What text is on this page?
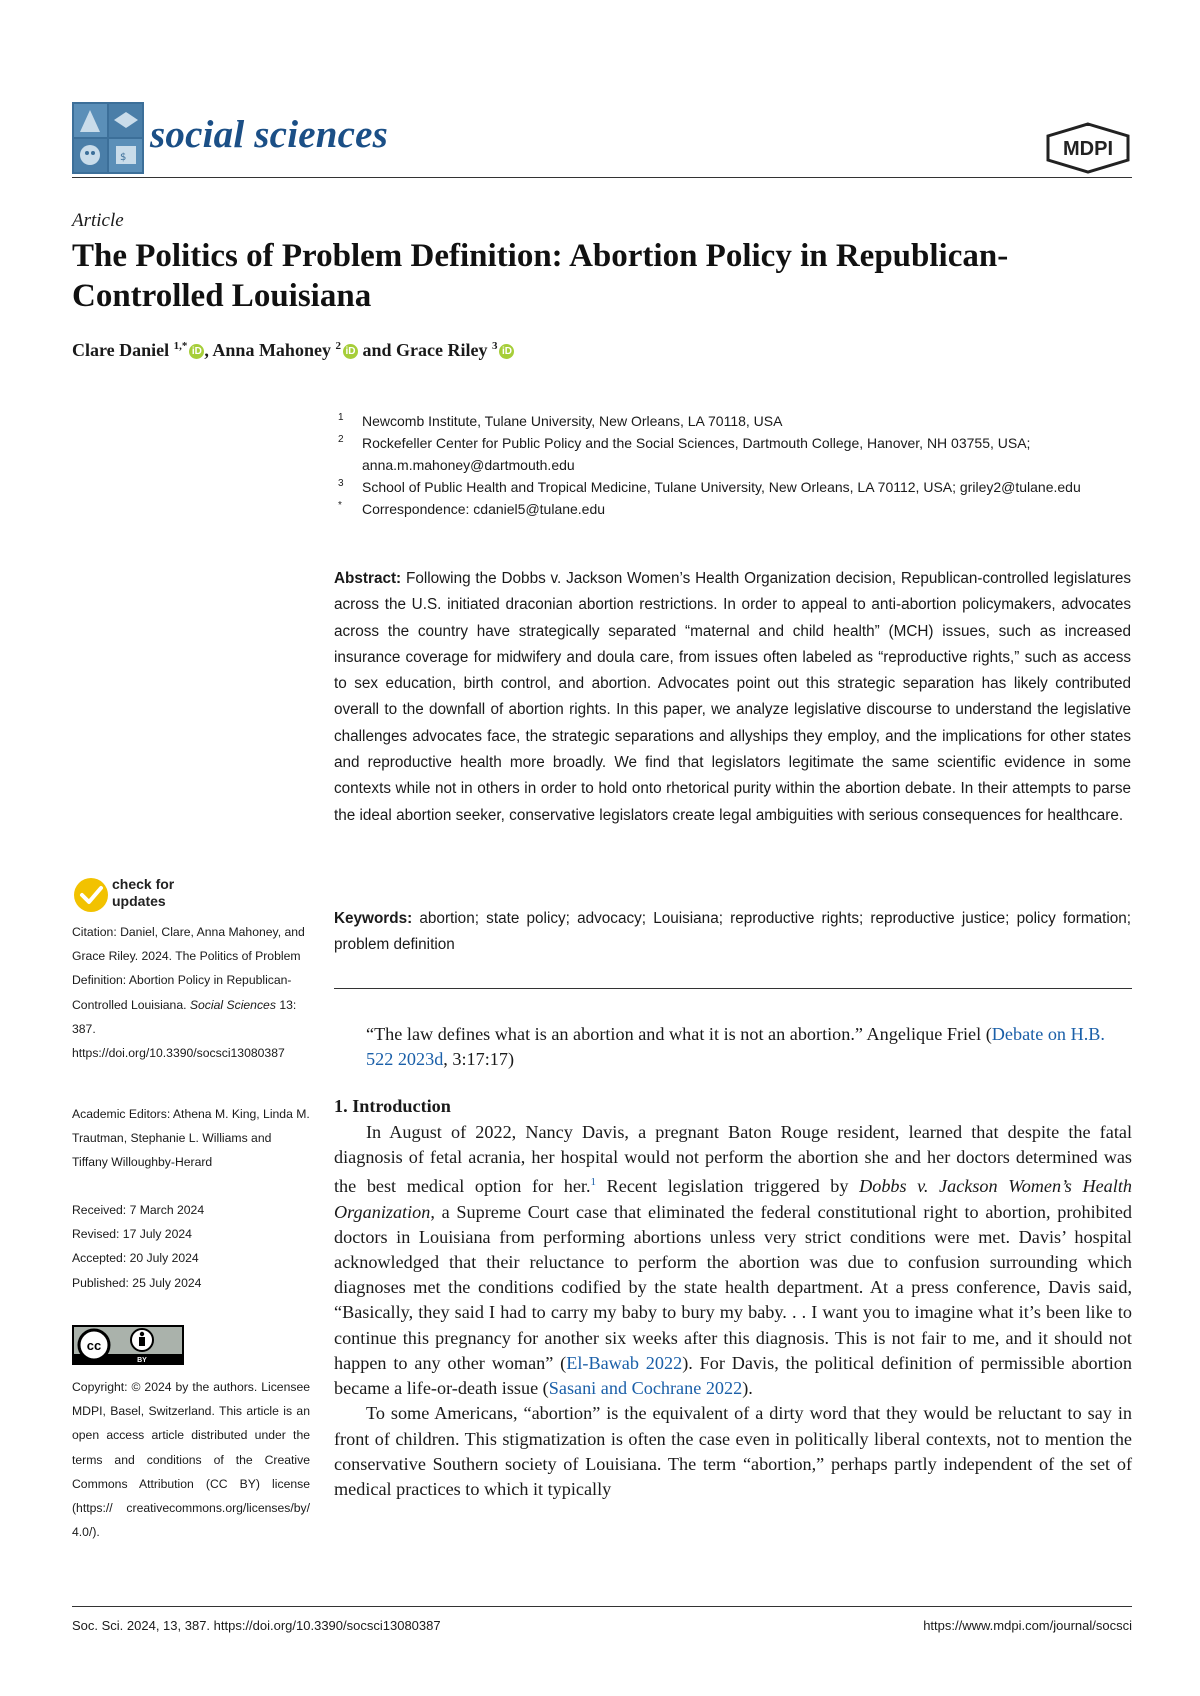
$
social sciences	MDPI
Article
The Politics of Problem Definition: Abortion Policy in Republican-Controlled Louisiana
Clare Daniel $^{1,*}$ iD , Anna Mahoney $^2$ iD and Grace Riley $^3$ iD
1 Newcomb Institute, Tulane University, New Orleans, LA 70118, USA
2 Rockefeller Center for Public Policy and the Social Sciences, Dartmouth College, Hanover, NH 03755, USA; anna.m.mahoney@dartmouth.edu
3 School of Public Health and Tropical Medicine, Tulane University, New Orleans, LA 70112, USA; griley2@tulane.edu
* Correspondence: cdaniel5@tulane.edu
Abstract: Following the Dobbs v. Jackson Women’s Health Organization decision, Republican-controlled legislatures across the U.S. initiated draconian abortion restrictions. In order to appeal to anti-abortion policymakers, advocates across the country have strategically separated “maternal and child health” (MCH) issues, such as increased insurance coverage for midwifery and doula care, from issues often labeled as “reproductive rights,” such as access to sex education, birth control, and abortion. Advocates point out this strategic separation has likely contributed overall to the downfall of abortion rights. In this paper, we analyze legislative discourse to understand the legislative challenges advocates face, the strategic separations and allyships they employ, and the implications for other states and reproductive health more broadly. We find that legislators legitimate the same scientific evidence in some contexts while not in others in order to hold onto rhetorical purity within the abortion debate. In their attempts to parse the ideal abortion seeker, conservative legislators create legal ambiguities with serious consequences for healthcare.
Keywords: abortion; state policy; advocacy; Louisiana; reproductive rights; reproductive justice; policy formation; problem definition
“The law defines what is an abortion and what it is not an abortion.” Angelique Friel (Debate on H.B. 522 2023d, 3:17:17)
1. Introduction

In August of 2022, Nancy Davis, a pregnant Baton Rouge resident, learned that despite the fatal diagnosis of fetal acrania, her hospital would not perform the abortion she and her doctors determined was the best medical option for her.$^1$ Recent legislation triggered by Dobbs v. Jackson Women’s Health Organization, a Supreme Court case that eliminated the federal constitutional right to abortion, prohibited doctors in Louisiana from performing abortions unless very strict conditions were met. Davis’ hospital acknowledged that their reluctance to perform the abortion was due to confusion surrounding which diagnoses met the conditions codified by the state health department. At a press conference, Davis said, “Basically, they said I had to carry my baby to bury my baby. . . I want you to imagine what it’s been like to continue this pregnancy for another six weeks after this diagnosis. This is not fair to me, and it should not happen to any other woman” (El-Bawab 2022). For Davis, the political definition of permissible abortion became a life-or-death issue (Sasani and Cochrane 2022).

To some Americans, “abortion” is the equivalent of a dirty word that they would be reluctant to say in front of children. This stigmatization is often the case even in politically liberal contexts, not to mention the conservative Southern society of Louisiana. The term “abortion,” perhaps partly independent of the set of medical practices to which it typically

check for
updates
Citation: Daniel, Clare, Anna Mahoney, and Grace Riley. 2024. The Politics of Problem Definition: Abortion Policy in Republican-Controlled Louisiana. Social Sciences 13: 387. https://doi.org/10.3390/socsci13080387
Academic Editors: Athena M. King, Linda M. Trautman, Stephanie L. Williams and Tiffany Willoughby-Herard
Received: 7 March 2024
Revised: 17 July 2024
Accepted: 20 July 2024
Published: 25 July 2024
cc
BY
Copyright: © 2024 by the authors. Licensee MDPI, Basel, Switzerland. This article is an open access article distributed under the terms and conditions of the Creative Commons Attribution (CC BY) license (https:// creativecommons.org/licenses/by/ 4.0/).
Soc. Sci. 2024, 13, 387. https://doi.org/10.3390/socsci13080387	https://www.mdpi.com/journal/socsci
